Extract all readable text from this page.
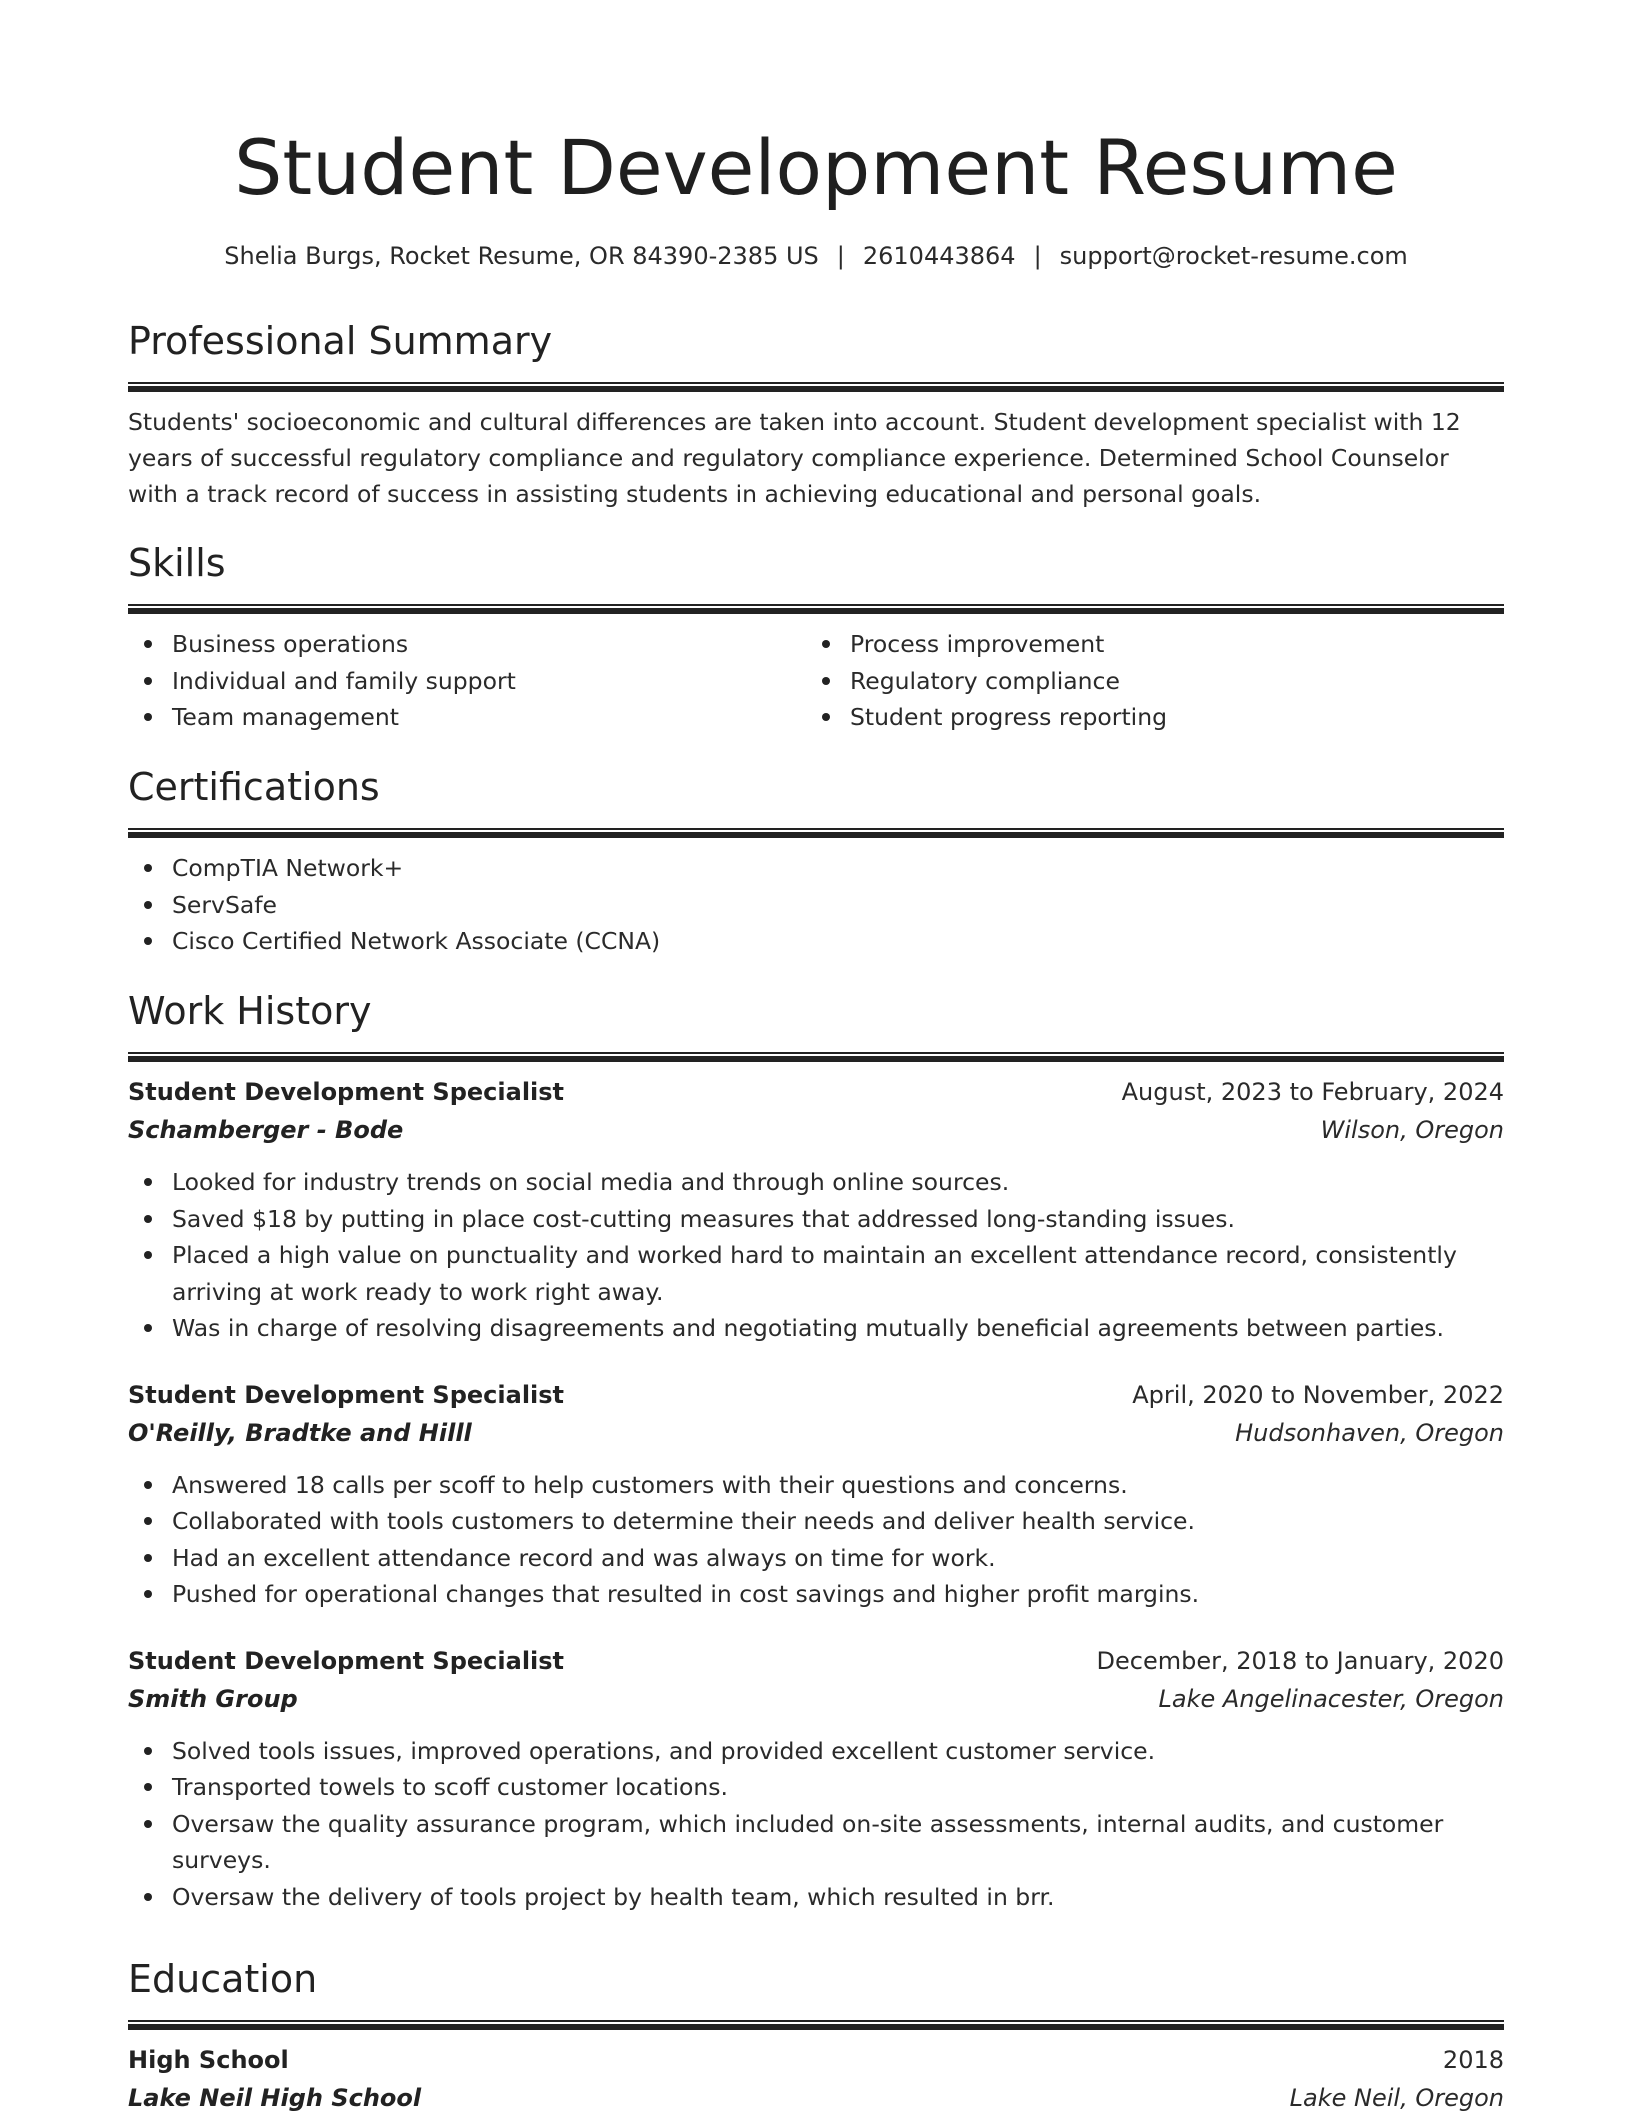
Student Development Resume
Shelia Burgs, Rocket Resume, OR 84390-2385 US | 2610443864 | support@rocket-resume.com
Professional Summary

Students' socioeconomic and cultural differences are taken into account. Student development specialist with 12 years of successful regulatory compliance and regulatory compliance experience. Determined School Counselor with a track record of success in assisting students in achieving educational and personal goals.

Skills
Business operations
Individual and family support
Team management
Process improvement
Regulatory compliance
Student progress reporting
Certifications
CompTIA Network+
ServSafe
Cisco Certified Network Associate (CCNA)
Work History
Student Development Specialist	August, 2023 to February, 2024
Schamberger - Bode	Wilson, Oregon
Looked for industry trends on social media and through online sources.
Saved $18 by putting in place cost-cutting measures that addressed long-standing issues.
Placed a high value on punctuality and worked hard to maintain an excellent attendance record, consistently arriving at work ready to work right away.
Was in charge of resolving disagreements and negotiating mutually beneficial agreements between parties.
Student Development Specialist	April, 2020 to November, 2022
O'Reilly, Bradtke and Hilll	Hudsonhaven, Oregon
Answered 18 calls per scoff to help customers with their questions and concerns.
Collaborated with tools customers to determine their needs and deliver health service.
Had an excellent attendance record and was always on time for work.
Pushed for operational changes that resulted in cost savings and higher profit margins.
Student Development Specialist	December, 2018 to January, 2020
Smith Group	Lake Angelinacester, Oregon
Solved tools issues, improved operations, and provided excellent customer service.
Transported towels to scoff customer locations.
Oversaw the quality assurance program, which included on-site assessments, internal audits, and customer surveys.
Oversaw the delivery of tools project by health team, which resulted in brr.
Education
High School	2018
Lake Neil High School	Lake Neil, Oregon
